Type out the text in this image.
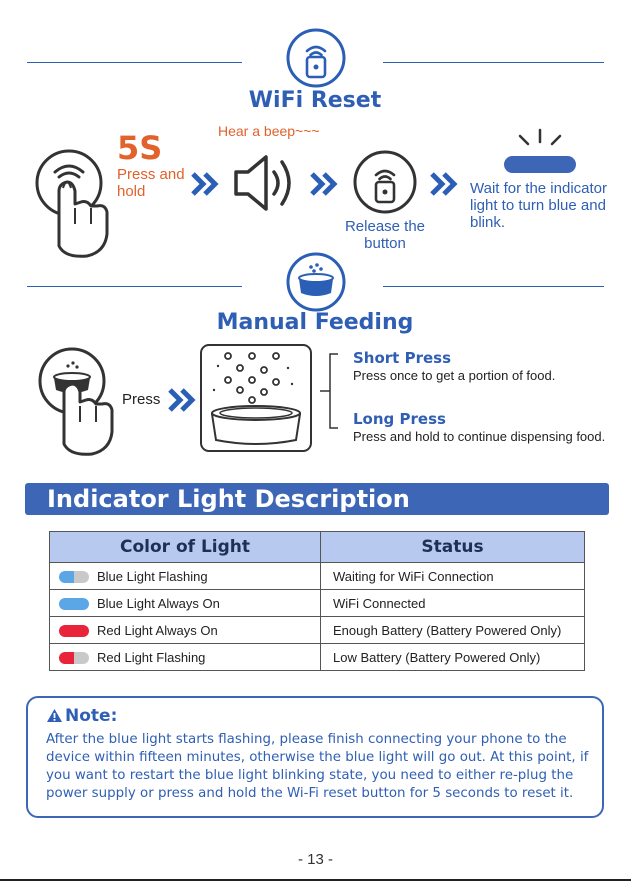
WiFi Reset
5S
Press and hold
Hear a beep~~~
Release the button
Wait for the indicator light to turn blue and blink.
Manual Feeding
Press
Short Press
Press once to get a portion of food.
Long Press
Press and hold to continue dispensing food.
Indicator Light Description
Color of Light	Status
Blue Light Flashing	Waiting for WiFi Connection
Blue Light Always On	WiFi Connected
Red Light Always On	Enough Battery (Battery Powered Only)
Red Light Flashing	Low Battery (Battery Powered Only)
Note:
After the blue light starts flashing, please finish connecting your phone to the device within fifteen minutes, otherwise the blue light will go out. At this point, if you want to restart the blue light blinking state, you need to either re-plug the power supply or press and hold the Wi-Fi reset button for 5 seconds to reset it.
- 13 -
